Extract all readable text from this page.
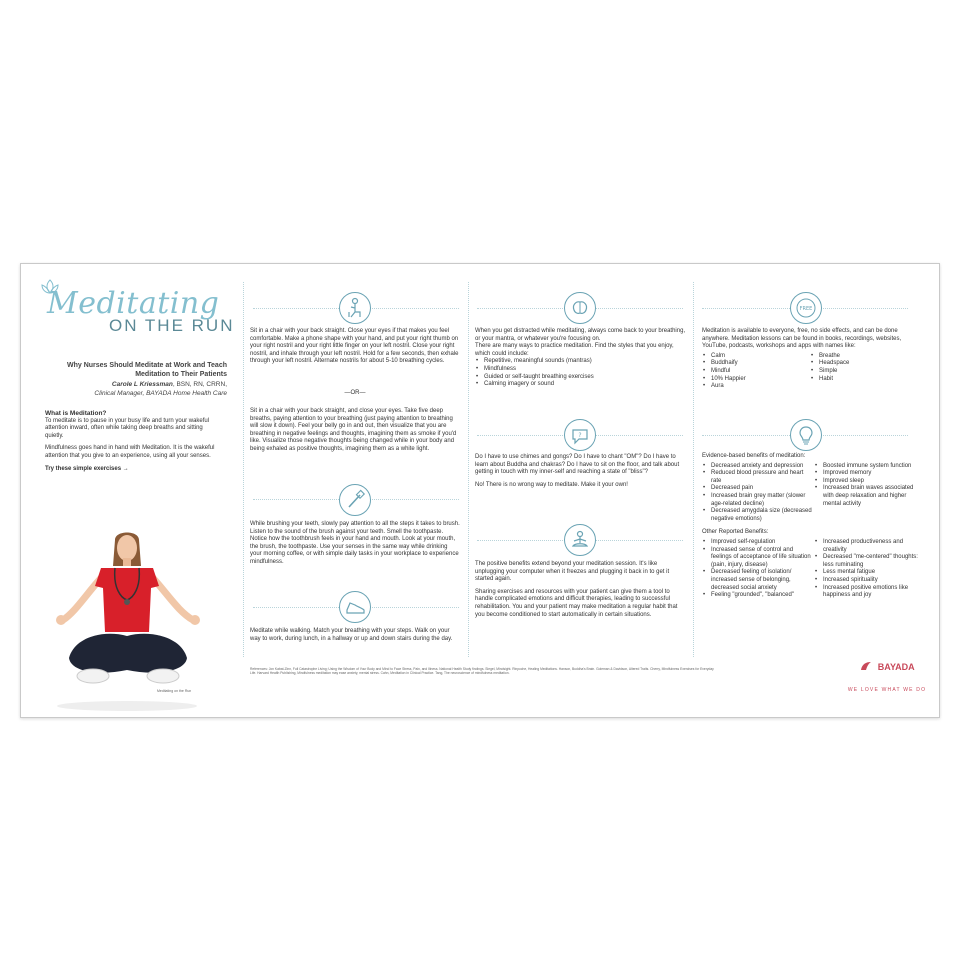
Meditating
ON THE RUN
Why Nurses Should Meditate at Work and Teach Meditation to Their Patients
Carole L Kriessman, BSN, RN, CRRN,
Clinical Manager, BAYADA Home Health Care
What is Meditation?

To meditate is to pause in your busy life and turn your wakeful attention inward, often while taking deep breaths and sitting quietly.

Mindfulness goes hand in hand with Meditation. It is the wakeful attention that you give to an experience, using all your senses.

Try these simple exercises →

Meditating on the Run
Sit in a chair with your back straight. Close your eyes if that makes you feel comfortable. Make a phone shape with your hand, and put your right thumb on your right nostril and your right little finger on your left nostril. Close your right nostril, and inhale through your left nostril. Hold for a few seconds, then exhale through your left nostril. Alternate nostrils for about 5-10 breathing cycles.
—OR—
Sit in a chair with your back straight, and close your eyes. Take five deep breaths, paying attention to your breathing (just paying attention to breathing will slow it down). Feel your belly go in and out, then visualize that you are breathing in negative feelings and thoughts, imagining them as smoke if you'd like. Visualize those negative thoughts being changed while in your body and being exhaled as positive thoughts, imagining them as a white light.
While brushing your teeth, slowly pay attention to all the steps it takes to brush. Listen to the sound of the brush against your teeth. Smell the toothpaste. Notice how the toothbrush feels in your hand and mouth. Look at your mouth, the brush, the toothpaste. Use your senses in the same way while drinking your morning coffee, or with simple daily tasks in your workplace to experience mindfulness.
Meditate while walking. Match your breathing with your steps. Walk on your way to work, during lunch, in a hallway or up and down stairs during the day.
When you get distracted while meditating, always come back to your breathing, or your mantra, or whatever you're focusing on.
There are many ways to practice meditation. Find the styles that you enjoy, which could include:
• Repetitive, meaningful sounds (mantras)
• Mindfulness
• Guided or self-taught breathing exercises
• Calming imagery or sound
?

Do I have to use chimes and gongs? Do I have to chant "OM"? Do I have to learn about Buddha and chakras? Do I have to sit on the floor, and talk about getting in touch with my inner-self and reaching a state of "bliss"?

No! There is no wrong way to meditate. Make it your own!

The positive benefits extend beyond your meditation session. It's like unplugging your computer when it freezes and plugging it back in to get it started again.

Sharing exercises and resources with your patient can give them a tool to handle complicated emotions and difficult therapies, leading to successful rehabilitation. You and your patient may make meditation a regular habit that you become conditioned to start automatically in certain situations.

FREE
Meditation is available to everyone, free, no side effects, and can be done anywhere. Meditation lessons can be found in books, recordings, websites, YouTube, podcasts, workshops and apps with names like:
• Calm
• Buddhaify
• Mindful
• 10% Happier
• Aura
• Breathe
• Headspace
• Simple
• Habit
Evidence-based benefits of meditation:
• Decreased anxiety and depression
• Reduced blood pressure and heart rate
• Decreased pain
• Increased brain grey matter (slower age-related decline)
• Decreased amygdala size (decreased negative emotions)
• Boosted immune system function
• Improved memory
• Improved sleep
• Increased brain waves associated with deep relaxation and higher mental activity
Other Reported Benefits:
• Improved self-regulation
• Increased sense of control and feelings of acceptance of life situation (pain, injury, disease)
• Decreased feeling of isolation/ increased sense of belonging, decreased social anxiety
• Feeling "grounded", "balanced"
• Increased productiveness and creativity
• Decreased "me-centered" thoughts: less ruminating
• Less mental fatigue
• Increased spirituality
• Increased positive emotions like happiness and joy
References: Jon Kabat-Zinn, Full Catastrophe Living; Using the Wisdom of Your Body and Mind to Face Stress, Pain, and Illness. National Health Study findings. Siegel, Mindsight. Rinpoche, Healing Meditations. Hanson, Buddha's Brain. Goleman & Davidson, Altered Traits. Cherry, Mindfulness Exercises for Everyday Life. Harvard Health Publishing, Mindfulness meditation may ease anxiety, mental stress. Cahn, Meditation in Clinical Practice. Tang, The neuroscience of mindfulness meditation.
BAYADA
WE LOVE WHAT WE DO
